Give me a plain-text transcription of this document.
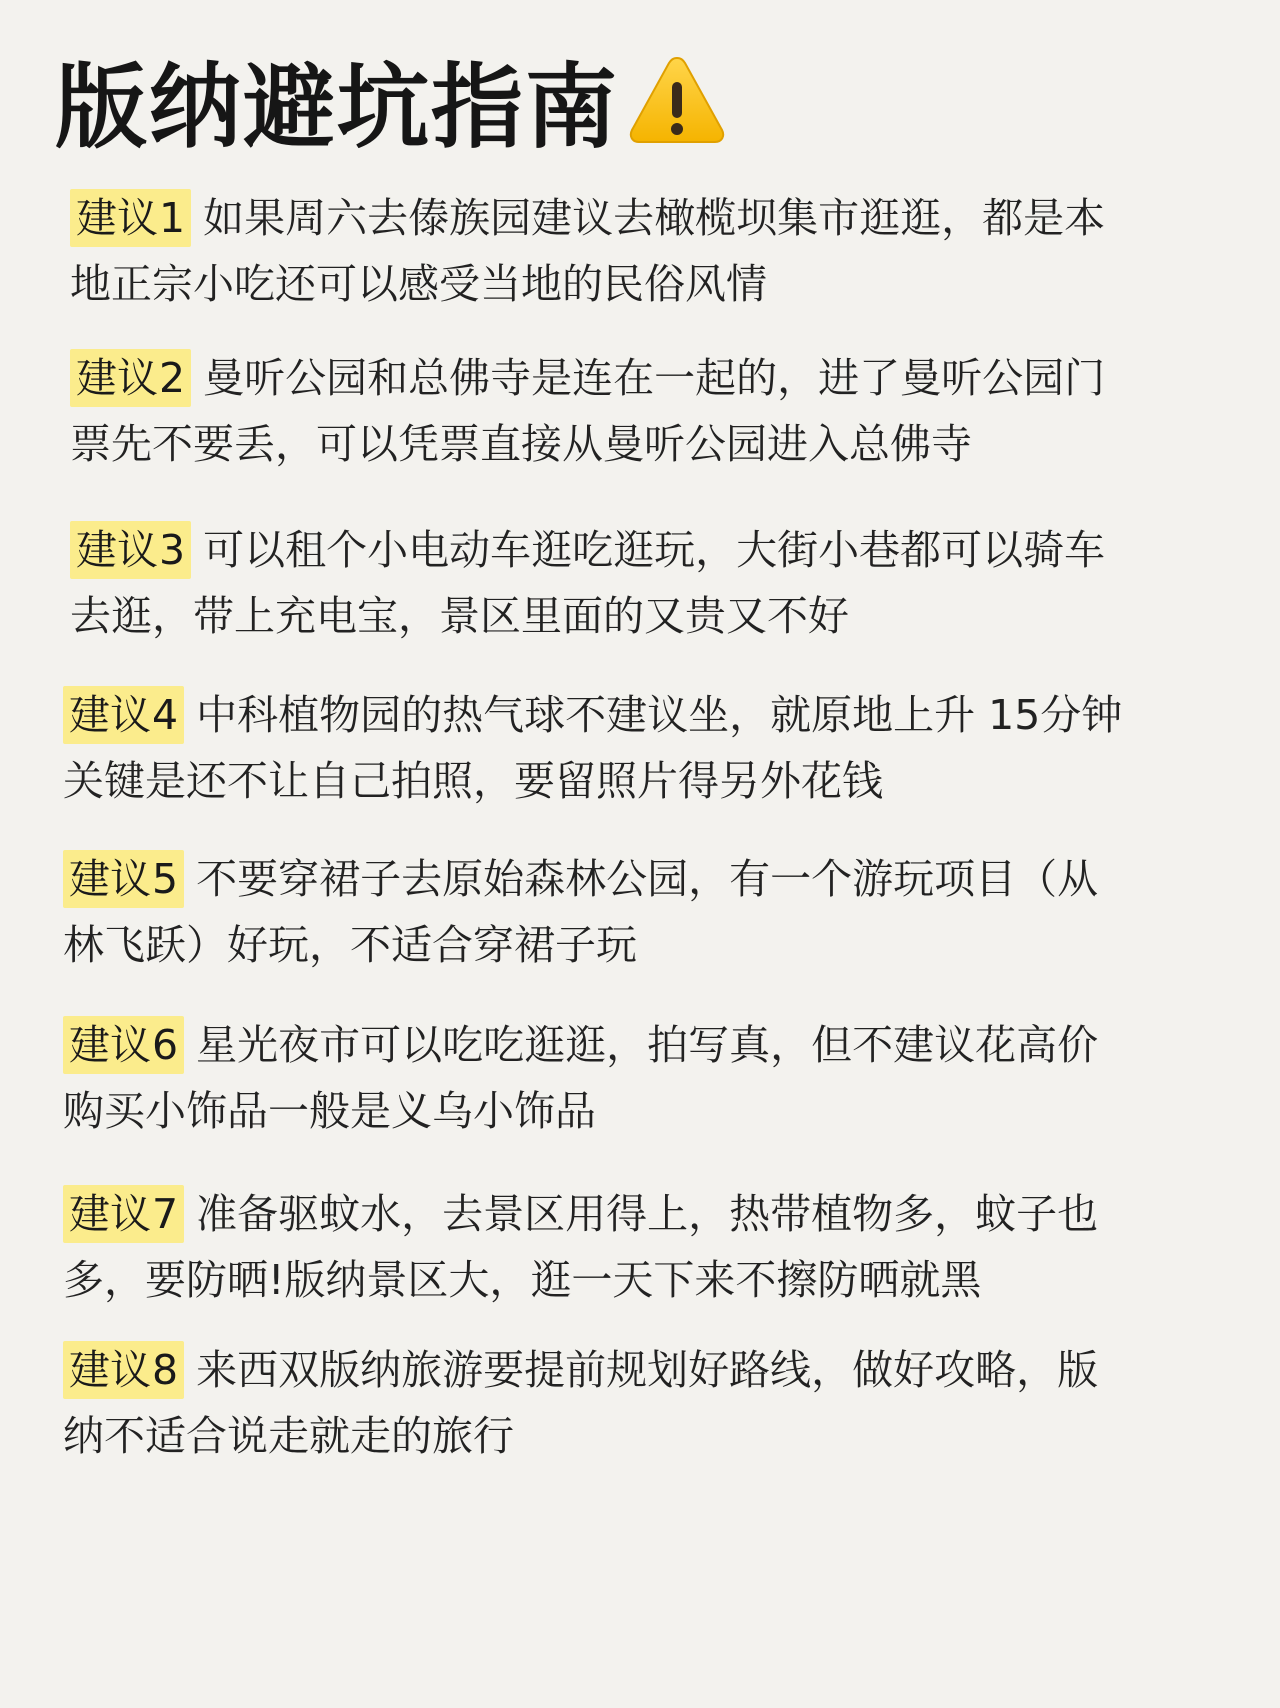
版纳避坑指南
建议1 如果周六去傣族园建议去橄榄坝集市逛逛，都是本
地正宗小吃还可以感受当地的民俗风情
建议2 曼听公园和总佛寺是连在一起的，进了曼听公园门
票先不要丢，可以凭票直接从曼听公园进入总佛寺
建议3 可以租个小电动车逛吃逛玩，大街小巷都可以骑车
去逛，带上充电宝，景区里面的又贵又不好
建议4 中科植物园的热气球不建议坐，就原地上升 15分钟
关键是还不让自己拍照，要留照片得另外花钱
建议5 不要穿裙子去原始森林公园，有一个游玩项目（从
林飞跃）好玩，不适合穿裙子玩
建议6 星光夜市可以吃吃逛逛，拍写真，但不建议花高价
购买小饰品一般是义乌小饰品
建议7 准备驱蚊水，去景区用得上，热带植物多，蚊子也
多，要防晒!版纳景区大，逛一天下来不擦防晒就黑
建议8 来西双版纳旅游要提前规划好路线，做好攻略，版
纳不适合说走就走的旅行
